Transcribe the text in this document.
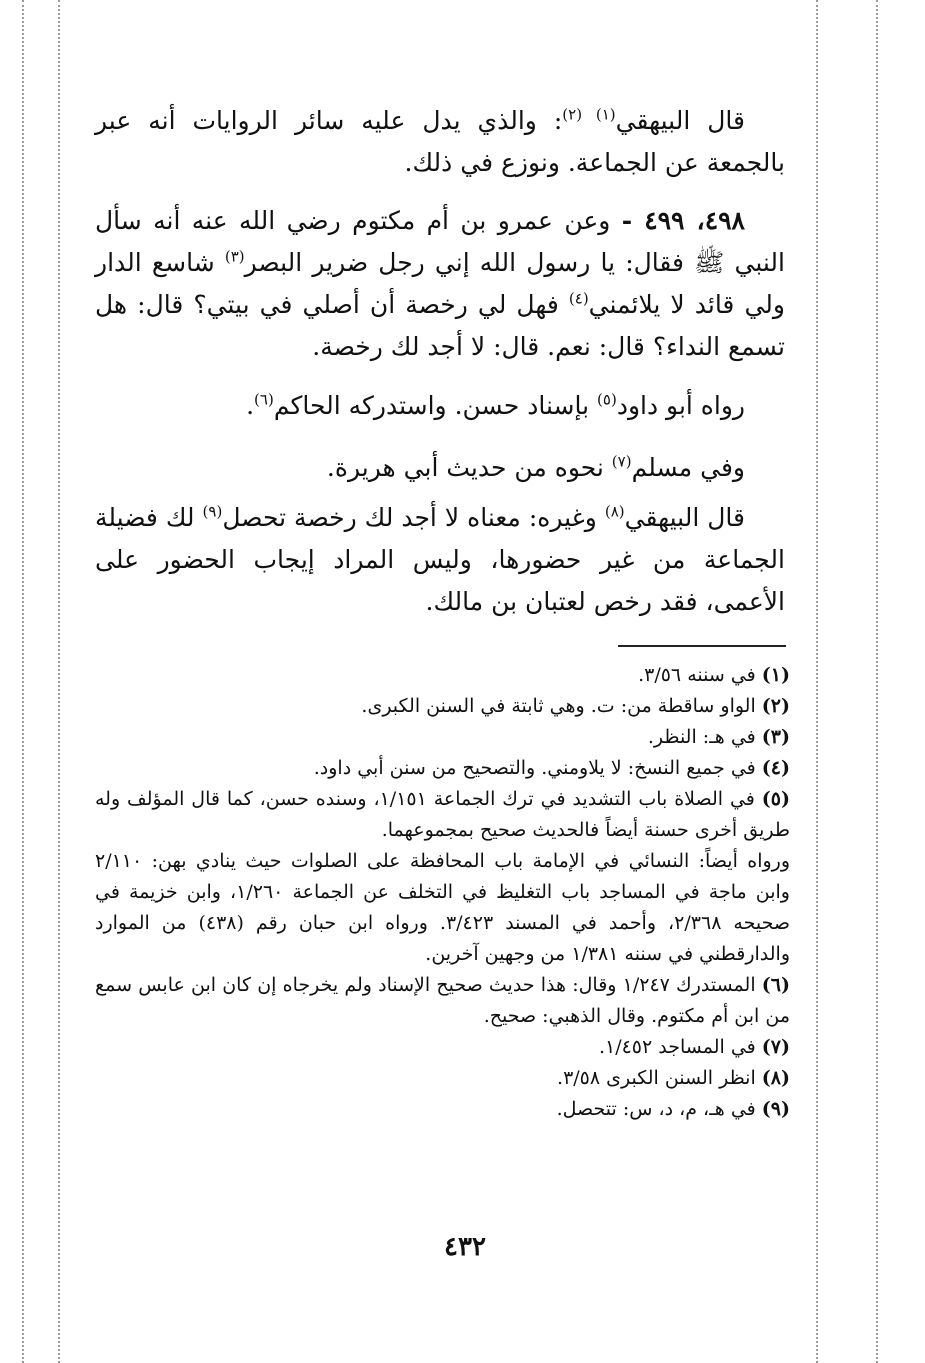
قال البيهقي$^{(١) (٢)}$: والذي يدل عليه سائر الروايات أنه عبر بالجمعة عن الجماعة. ونوزع في ذلك.

٤٩٨، ٤٩٩ - وعن عمرو بن أم مكتوم رضي الله عنه أنه سأل النبي ﷺ فقال: يا رسول الله إني رجل ضرير البصر$^{(٣)}$ شاسع الدار ولي قائد لا يلائمني$^{(٤)}$ فهل لي رخصة أن أصلي في بيتي؟ قال: هل تسمع النداء؟ قال: نعم. قال: لا أجد لك رخصة.

رواه أبو داود$^{(٥)}$ بإسناد حسن. واستدركه الحاكم$^{(٦)}$.

وفي مسلم$^{(٧)}$ نحوه من حديث أبي هريرة.

قال البيهقي$^{(٨)}$ وغيره: معناه لا أجد لك رخصة تحصل$^{(٩)}$ لك فضيلة الجماعة من غير حضورها، وليس المراد إيجاب الحضور على الأعمى، فقد رخص لعتبان بن مالك.

(١) في سننه ٣/٥٦.

(٢) الواو ساقطة من: ت. وهي ثابتة في السنن الكبرى.

(٣) في هـ: النظر.

(٤) في جميع النسخ: لا يلاومني. والتصحيح من سنن أبي داود.

(٥) في الصلاة باب التشديد في ترك الجماعة ١/١٥١، وسنده حسن، كما قال المؤلف وله طريق أخرى حسنة أيضاً فالحديث صحيح بمجموعهما.
ورواه أيضاً: النسائي في الإمامة باب المحافظة على الصلوات حيث ينادي بهن: ٢/١١٠ وابن ماجة في المساجد باب التغليظ في التخلف عن الجماعة ١/٢٦٠، وابن خزيمة في صحيحه ٢/٣٦٨، وأحمد في المسند ٣/٤٢٣. ورواه ابن حبان رقم (٤٣٨) من الموارد والدارقطني في سننه ١/٣٨١ من وجهين آخرين.

(٦) المستدرك ١/٢٤٧ وقال: هذا حديث صحيح الإسناد ولم يخرجاه إن كان ابن عابس سمع من ابن أم مكتوم. وقال الذهبي: صحيح.

(٧) في المساجد ١/٤٥٢.

(٨) انظر السنن الكبرى ٣/٥٨.

(٩) في هـ، م، د، س: تتحصل.

٤٣٢
